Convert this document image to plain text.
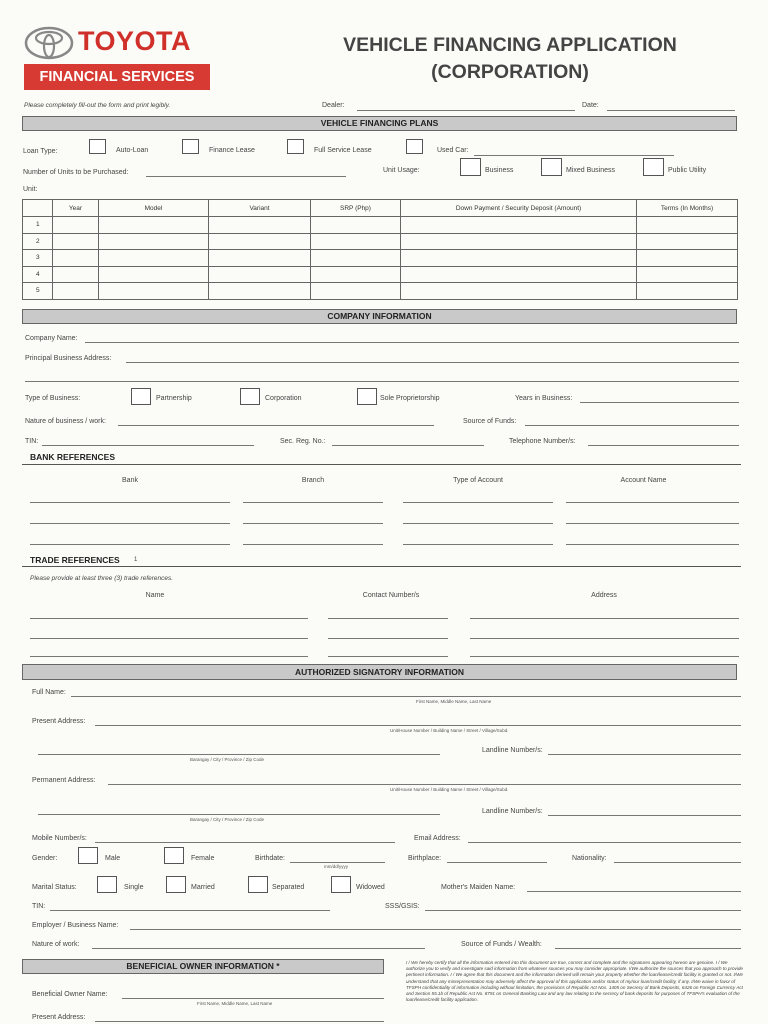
TOYOTA
FINANCIAL SERVICES
VEHICLE FINANCING APPLICATION
(CORPORATION)
Please completely fill-out the form and print legibly.	Dealer:	Date:
VEHICLE FINANCING PLANS
Loan Type:	Auto-Loan	Finance Lease	Full Service Lease	Used Car:
Number of Units to be Purchased:	Unit Usage:	Business	Mixed Business	Public Utility
Unit:
	Year	Model	Variant	SRP (Php)	Down Payment / Security Deposit (Amount)	Terms (In Months)
1						
2						
3						
4						
5						
COMPANY INFORMATION
Company Name:
Principal Business Address:
Type of Business:	Partnership	Corporation	Sole Proprietorship	Years in Business:
Nature of business / work:	Source of Funds:
TIN:	Sec. Reg. No.:	Telephone Number/s:
BANK REFERENCES
Bank	Branch	Type of Account	Account Name
TRADE REFERENCES 1
Please provide at least three (3) trade references.
Name	Contact Number/s	Address
AUTHORIZED SIGNATORY INFORMATION
Full Name:
First Name, Middle Name, Last Name
Present Address:
Unit/House Number / Building Name / Street / Village/Subd.
Barangay / City / Province / Zip Code
Landline Number/s:
Permanent Address:
Unit/House Number / Building Name / Street / Village/Subd.
Barangay / City / Province / Zip Code
Landline Number/s:
Mobile Number/s:	Email Address:
Gender:	Male	Female	Birthdate:
mm/dd/yyyy
Birthplace:	Nationality:
Marital Status:	Single	Married	Separated	Widowed	Mother's Maiden Name:
TIN:	SSS/GSIS:
Employer / Business Name:
Nature of work:	Source of Funds / Wealth:
BENEFICIAL OWNER INFORMATION *
Beneficial Owner Name:
First Name, Middle Name, Last Name
Present Address:
I / We hereby certify that all the information entered into this document are true, correct and complete and the signatures appearing hereon are genuine. I / We authorize you to verify and investigate said information from whatever sources you may consider appropriate. I/We authorize the sources that you approach to provide pertinent information. I / We agree that this document and the information derived will remain your property whether the loan/lease/credit facility is granted or not. I/We understand that any misrepresentation may adversely affect the approval of this application and/or status of my/our loan/credit facility, if any. I/We waive in favor of TFSPH confidentiality of information including without limitation, the provisions of Republic Act Nos. 1405 on Secrecy of Bank Deposits, 6426 on Foreign Currency Act and Section 55.1b of Republic Act No. 8791 on General Banking Law and any law relating to the secrecy of bank deposits for purposes of TFSPH's evaluation of the loan/lease/credit facility application.
